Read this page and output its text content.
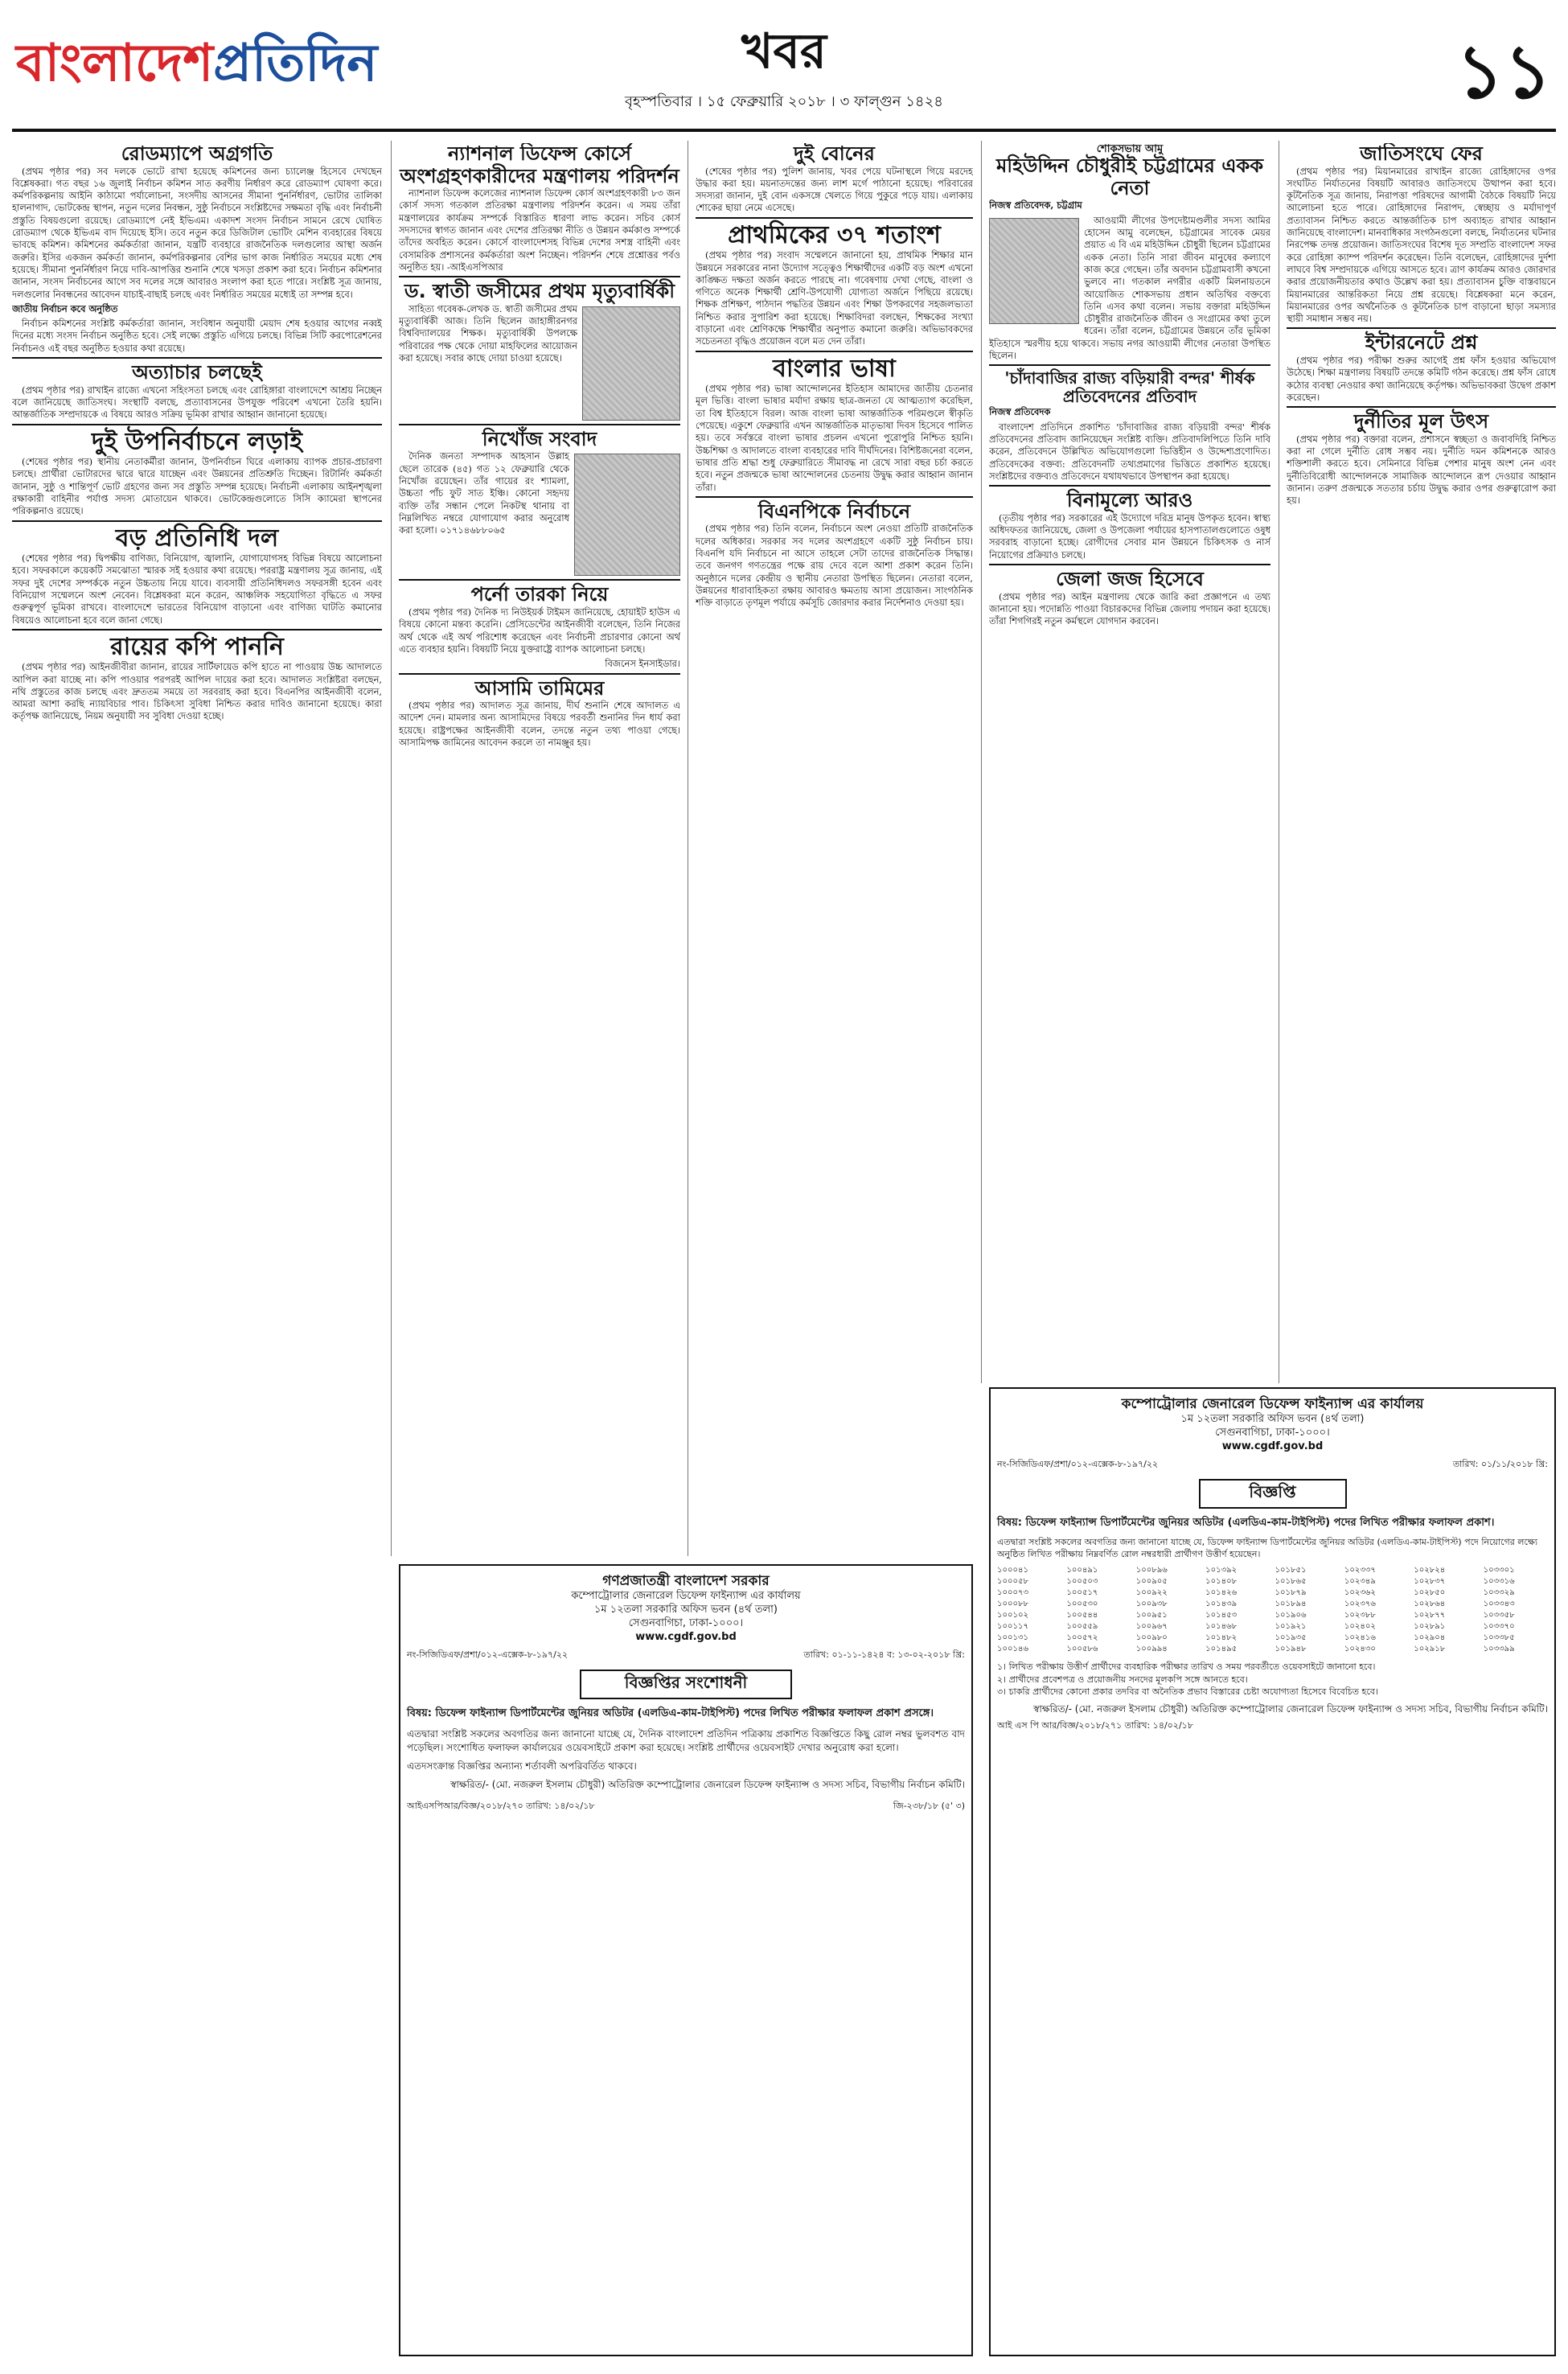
বাংলাদেশপ্রতিদিন	খবর
বৃহস্পতিবার । ১৫ ফেব্রুয়ারি ২০১৮ । ৩ ফাল্গুন ১৪২৪	১১
রোডম্যাপে অগ্রগতি

(প্রথম পৃষ্ঠার পর) সব দলকে ভোটে রাখা হয়েছে কমিশনের জন্য চ্যালেঞ্জ হিসেবে দেখছেন বিশ্লেষকরা। গত বছর ১৬ জুলাই নির্বাচন কমিশন সাত করণীয় নির্ধারণ করে রোডম্যাপ ঘোষণা করে। কর্মপরিকল্পনায় আইনি কাঠামো পর্যালোচনা, সংসদীয় আসনের সীমানা পুনর্নির্ধারণ, ভোটার তালিকা হালনাগাদ, ভোটকেন্দ্র স্থাপন, নতুন দলের নিবন্ধন, সুষ্ঠু নির্বাচনে সংশ্লিষ্টদের সক্ষমতা বৃদ্ধি এবং নির্বাচনী প্রস্তুতি বিষয়গুলো রয়েছে। রোডম্যাপে নেই ইভিএম। একাদশ সংসদ নির্বাচন সামনে রেখে ঘোষিত রোডম্যাপ থেকে ইভিএম বাদ দিয়েছে ইসি। তবে নতুন করে ডিজিটাল ভোটিং মেশিন ব্যবহারের বিষয়ে ভাবছে কমিশন। কমিশনের কর্মকর্তারা জানান, যন্ত্রটি ব্যবহারে রাজনৈতিক দলগুলোর আস্থা অর্জন জরুরি। ইসির একজন কর্মকর্তা জানান, কর্মপরিকল্পনার বেশির ভাগ কাজ নির্ধারিত সময়ের মধ্যে শেষ হয়েছে। সীমানা পুনর্নির্ধারণ নিয়ে দাবি-আপত্তির শুনানি শেষে খসড়া প্রকাশ করা হবে। নির্বাচন কমিশনার জানান, সংসদ নির্বাচনের আগে সব দলের সঙ্গে আবারও সংলাপ করা হতে পারে। সংশ্লিষ্ট সূত্র জানায়, দলগুলোর নিবন্ধনের আবেদন যাচাই-বাছাই চলছে এবং নির্ধারিত সময়ের মধ্যেই তা সম্পন্ন হবে।

জাতীয় নির্বাচন কবে অনুষ্ঠিত

নির্বাচন কমিশনের সংশ্লিষ্ট কর্মকর্তারা জানান, সংবিধান অনুযায়ী মেয়াদ শেষ হওয়ার আগের নব্বই দিনের মধ্যে সংসদ নির্বাচন অনুষ্ঠিত হবে। সেই লক্ষ্যে প্রস্তুতি এগিয়ে চলছে। বিভিন্ন সিটি করপোরেশনের নির্বাচনও এই বছর অনুষ্ঠিত হওয়ার কথা রয়েছে।

অত্যাচার চলছেই

(প্রথম পৃষ্ঠার পর) রাখাইন রাজ্যে এখনো সহিংসতা চলছে এবং রোহিঙ্গারা বাংলাদেশে আশ্রয় নিচ্ছেন বলে জানিয়েছে জাতিসংঘ। সংস্থাটি বলছে, প্রত্যাবাসনের উপযুক্ত পরিবেশ এখনো তৈরি হয়নি। আন্তর্জাতিক সম্প্রদায়কে এ বিষয়ে আরও সক্রিয় ভূমিকা রাখার আহ্বান জানানো হয়েছে।

দুই উপনির্বাচনে লড়াই

(শেষের পৃষ্ঠার পর) স্থানীয় নেতাকর্মীরা জানান, উপনির্বাচন ঘিরে এলাকায় ব্যাপক প্রচার-প্রচারণা চলছে। প্রার্থীরা ভোটারদের দ্বারে দ্বারে যাচ্ছেন এবং উন্নয়নের প্রতিশ্রুতি দিচ্ছেন। রিটার্নিং কর্মকর্তা জানান, সুষ্ঠু ও শান্তিপূর্ণ ভোট গ্রহণের জন্য সব প্রস্তুতি সম্পন্ন হয়েছে। নির্বাচনী এলাকায় আইনশৃঙ্খলা রক্ষাকারী বাহিনীর পর্যাপ্ত সদস্য মোতায়েন থাকবে। ভোটকেন্দ্রগুলোতে সিসি ক্যামেরা স্থাপনের পরিকল্পনাও রয়েছে।

বড় প্রতিনিধি দল

(শেষের পৃষ্ঠার পর) দ্বিপক্ষীয় বাণিজ্য, বিনিয়োগ, জ্বালানি, যোগাযোগসহ বিভিন্ন বিষয়ে আলোচনা হবে। সফরকালে কয়েকটি সমঝোতা স্মারক সই হওয়ার কথা রয়েছে। পররাষ্ট্র মন্ত্রণালয় সূত্র জানায়, এই সফর দুই দেশের সম্পর্ককে নতুন উচ্চতায় নিয়ে যাবে। ব্যবসায়ী প্রতিনিধিদলও সফরসঙ্গী হবেন এবং বিনিয়োগ সম্মেলনে অংশ নেবেন। বিশ্লেষকরা মনে করেন, আঞ্চলিক সহযোগিতা বৃদ্ধিতে এ সফর গুরুত্বপূর্ণ ভূমিকা রাখবে। বাংলাদেশে ভারতের বিনিয়োগ বাড়ানো এবং বাণিজ্য ঘাটতি কমানোর বিষয়েও আলোচনা হবে বলে জানা গেছে।

রায়ের কপি পাননি

(প্রথম পৃষ্ঠার পর) আইনজীবীরা জানান, রায়ের সার্টিফায়েড কপি হাতে না পাওয়ায় উচ্চ আদালতে আপিল করা যাচ্ছে না। কপি পাওয়ার পরপরই আপিল দায়ের করা হবে। আদালত সংশ্লিষ্টরা বলছেন, নথি প্রস্তুতের কাজ চলছে এবং দ্রুততম সময়ে তা সরবরাহ করা হবে। বিএনপির আইনজীবী বলেন, আমরা আশা করছি ন্যায়বিচার পাব। চিকিৎসা সুবিধা নিশ্চিত করার দাবিও জানানো হয়েছে। কারা কর্তৃপক্ষ জানিয়েছে, নিয়ম অনুযায়ী সব সুবিধা দেওয়া হচ্ছে।

ন্যাশনাল ডিফেন্স কোর্সে অংশগ্রহণকারীদের মন্ত্রণালয় পরিদর্শন

ন্যাশনাল ডিফেন্স কলেজের ন্যাশনাল ডিফেন্স কোর্স অংশগ্রহণকারী ৮৩ জন কোর্স সদস্য গতকাল প্রতিরক্ষা মন্ত্রণালয় পরিদর্শন করেন। এ সময় তাঁরা মন্ত্রণালয়ের কার্যক্রম সম্পর্কে বিস্তারিত ধারণা লাভ করেন। সচিব কোর্স সদস্যদের স্বাগত জানান এবং দেশের প্রতিরক্ষা নীতি ও উন্নয়ন কর্মকাণ্ড সম্পর্কে তাঁদের অবহিত করেন। কোর্সে বাংলাদেশসহ বিভিন্ন দেশের সশস্ত্র বাহিনী এবং বেসামরিক প্রশাসনের কর্মকর্তারা অংশ নিচ্ছেন। পরিদর্শন শেষে প্রশ্নোত্তর পর্বও অনুষ্ঠিত হয়। -আইএসপিআর

ড. স্বাতী জসীমের প্রথম মৃত্যুবার্ষিকী

সাহিত্য গবেষক-লেখক ড. স্বাতী জসীমের প্রথম মৃত্যুবার্ষিকী আজ। তিনি ছিলেন জাহাঙ্গীরনগর বিশ্ববিদ্যালয়ের শিক্ষক। মৃত্যুবার্ষিকী উপলক্ষে পরিবারের পক্ষ থেকে দোয়া মাহফিলের আয়োজন করা হয়েছে। সবার কাছে দোয়া চাওয়া হয়েছে।

নিখোঁজ সংবাদ

দৈনিক জনতা সম্পাদক আহসান উল্লাহ ছেলে তারেক (৪৫) গত ১২ ফেব্রুয়ারি থেকে নিখোঁজ রয়েছেন। তাঁর গায়ের রং শ্যামলা, উচ্চতা পাঁচ ফুট সাত ইঞ্চি। কোনো সহৃদয় ব্যক্তি তাঁর সন্ধান পেলে নিকটস্থ থানায় বা নিম্নলিখিত নম্বরে যোগাযোগ করার অনুরোধ করা হলো। ০১৭১৪৬৮৮০৬৫

পর্নো তারকা নিয়ে

(প্রথম পৃষ্ঠার পর) দৈনিক দ্য নিউইয়র্ক টাইমস জানিয়েছে, হোয়াইট হাউস এ বিষয়ে কোনো মন্তব্য করেনি। প্রেসিডেন্টের আইনজীবী বলেছেন, তিনি নিজের অর্থ থেকে এই অর্থ পরিশোধ করেছেন এবং নির্বাচনী প্রচারণার কোনো অর্থ এতে ব্যবহার হয়নি। বিষয়টি নিয়ে যুক্তরাষ্ট্রে ব্যাপক আলোচনা চলছে।

বিজনেস ইনসাইডার।

আসামি তামিমের

(প্রথম পৃষ্ঠার পর) আদালত সূত্র জানায়, দীর্ঘ শুনানি শেষে আদালত এ আদেশ দেন। মামলার অন্য আসামিদের বিষয়ে পরবর্তী শুনানির দিন ধার্য করা হয়েছে। রাষ্ট্রপক্ষের আইনজীবী বলেন, তদন্তে নতুন তথ্য পাওয়া গেছে। আসামিপক্ষ জামিনের আবেদন করলে তা নামঞ্জুর হয়।

দুই বোনের

(শেষের পৃষ্ঠার পর) পুলিশ জানায়, খবর পেয়ে ঘটনাস্থলে গিয়ে মরদেহ উদ্ধার করা হয়। ময়নাতদন্তের জন্য লাশ মর্গে পাঠানো হয়েছে। পরিবারের সদস্যরা জানান, দুই বোন একসঙ্গে খেলতে গিয়ে পুকুরে পড়ে যায়। এলাকায় শোকের ছায়া নেমে এসেছে।

প্রাথমিকের ৩৭ শতাংশ

(প্রথম পৃষ্ঠার পর) সংবাদ সম্মেলনে জানানো হয়, প্রাথমিক শিক্ষার মান উন্নয়নে সরকারের নানা উদ্যোগ সত্ত্বেও শিক্ষার্থীদের একটি বড় অংশ এখনো কাঙ্ক্ষিত দক্ষতা অর্জন করতে পারছে না। গবেষণায় দেখা গেছে, বাংলা ও গণিতে অনেক শিক্ষার্থী শ্রেণি-উপযোগী যোগ্যতা অর্জনে পিছিয়ে রয়েছে। শিক্ষক প্রশিক্ষণ, পাঠদান পদ্ধতির উন্নয়ন এবং শিক্ষা উপকরণের সহজলভ্যতা নিশ্চিত করার সুপারিশ করা হয়েছে। শিক্ষাবিদরা বলছেন, শিক্ষকের সংখ্যা বাড়ানো এবং শ্রেণিকক্ষে শিক্ষার্থীর অনুপাত কমানো জরুরি। অভিভাবকদের সচেতনতা বৃদ্ধিও প্রয়োজন বলে মত দেন তাঁরা।

বাংলার ভাষা

(প্রথম পৃষ্ঠার পর) ভাষা আন্দোলনের ইতিহাস আমাদের জাতীয় চেতনার মূল ভিত্তি। বাংলা ভাষার মর্যাদা রক্ষায় ছাত্র-জনতা যে আত্মত্যাগ করেছিল, তা বিশ্ব ইতিহাসে বিরল। আজ বাংলা ভাষা আন্তর্জাতিক পরিমণ্ডলে স্বীকৃতি পেয়েছে। একুশে ফেব্রুয়ারি এখন আন্তর্জাতিক মাতৃভাষা দিবস হিসেবে পালিত হয়। তবে সর্বস্তরে বাংলা ভাষার প্রচলন এখনো পুরোপুরি নিশ্চিত হয়নি। উচ্চশিক্ষা ও আদালতে বাংলা ব্যবহারের দাবি দীর্ঘদিনের। বিশিষ্টজনেরা বলেন, ভাষার প্রতি শ্রদ্ধা শুধু ফেব্রুয়ারিতে সীমাবদ্ধ না রেখে সারা বছর চর্চা করতে হবে। নতুন প্রজন্মকে ভাষা আন্দোলনের চেতনায় উদ্বুদ্ধ করার আহ্বান জানান তাঁরা।

বিএনপিকে নির্বাচনে

(প্রথম পৃষ্ঠার পর) তিনি বলেন, নির্বাচনে অংশ নেওয়া প্রতিটি রাজনৈতিক দলের অধিকার। সরকার সব দলের অংশগ্রহণে একটি সুষ্ঠু নির্বাচন চায়। বিএনপি যদি নির্বাচনে না আসে তাহলে সেটা তাদের রাজনৈতিক সিদ্ধান্ত। তবে জনগণ গণতন্ত্রের পক্ষে রায় দেবে বলে আশা প্রকাশ করেন তিনি। অনুষ্ঠানে দলের কেন্দ্রীয় ও স্থানীয় নেতারা উপস্থিত ছিলেন। নেতারা বলেন, উন্নয়নের ধারাবাহিকতা রক্ষায় আবারও ক্ষমতায় আসা প্রয়োজন। সাংগঠনিক শক্তি বাড়াতে তৃণমূল পর্যায়ে কর্মসূচি জোরদার করার নির্দেশনাও দেওয়া হয়।

শোকসভায় আমু
মহিউদ্দিন চৌধুরীই চট্টগ্রামের একক নেতা

নিজস্ব প্রতিবেদক, চট্টগ্রাম

আওয়ামী লীগের উপদেষ্টামণ্ডলীর সদস্য আমির হোসেন আমু বলেছেন, চট্টগ্রামের সাবেক মেয়র প্রয়াত এ বি এম মহিউদ্দিন চৌধুরী ছিলেন চট্টগ্রামের একক নেতা। তিনি সারা জীবন মানুষের কল্যাণে কাজ করে গেছেন। তাঁর অবদান চট্টগ্রামবাসী কখনো ভুলবে না। গতকাল নগরীর একটি মিলনায়তনে আয়োজিত শোকসভায় প্রধান অতিথির বক্তব্যে তিনি এসব কথা বলেন। সভায় বক্তারা মহিউদ্দিন চৌধুরীর রাজনৈতিক জীবন ও সংগ্রামের কথা তুলে ধরেন। তাঁরা বলেন, চট্টগ্রামের উন্নয়নে তাঁর ভূমিকা ইতিহাসে স্মরণীয় হয়ে থাকবে। সভায় নগর আওয়ামী লীগের নেতারা উপস্থিত ছিলেন।

'চাঁদাবাজির রাজ্য বড়িয়ারী বন্দর' শীর্ষক প্রতিবেদনের প্রতিবাদ

নিজস্ব প্রতিবেদক

বাংলাদেশ প্রতিদিনে প্রকাশিত 'চাঁদাবাজির রাজ্য বড়িয়ারী বন্দর' শীর্ষক প্রতিবেদনের প্রতিবাদ জানিয়েছেন সংশ্লিষ্ট ব্যক্তি। প্রতিবাদলিপিতে তিনি দাবি করেন, প্রতিবেদনে উল্লিখিত অভিযোগগুলো ভিত্তিহীন ও উদ্দেশ্যপ্রণোদিত। প্রতিবেদকের বক্তব্য: প্রতিবেদনটি তথ্যপ্রমাণের ভিত্তিতে প্রকাশিত হয়েছে। সংশ্লিষ্টদের বক্তব্যও প্রতিবেদনে যথাযথভাবে উপস্থাপন করা হয়েছে।

বিনামূল্যে আরও

(তৃতীয় পৃষ্ঠার পর) সরকারের এই উদ্যোগে দরিদ্র মানুষ উপকৃত হবেন। স্বাস্থ্য অধিদফতর জানিয়েছে, জেলা ও উপজেলা পর্যায়ের হাসপাতালগুলোতে ওষুধ সরবরাহ বাড়ানো হচ্ছে। রোগীদের সেবার মান উন্নয়নে চিকিৎসক ও নার্স নিয়োগের প্রক্রিয়াও চলছে।

জেলা জজ হিসেবে

(প্রথম পৃষ্ঠার পর) আইন মন্ত্রণালয় থেকে জারি করা প্রজ্ঞাপনে এ তথ্য জানানো হয়। পদোন্নতি পাওয়া বিচারকদের বিভিন্ন জেলায় পদায়ন করা হয়েছে। তাঁরা শিগগিরই নতুন কর্মস্থলে যোগদান করবেন।

জাতিসংঘে ফের

(প্রথম পৃষ্ঠার পর) মিয়ানমারের রাখাইন রাজ্যে রোহিঙ্গাদের ওপর সংঘটিত নির্যাতনের বিষয়টি আবারও জাতিসংঘে উত্থাপন করা হবে। কূটনৈতিক সূত্র জানায়, নিরাপত্তা পরিষদের আগামী বৈঠকে বিষয়টি নিয়ে আলোচনা হতে পারে। রোহিঙ্গাদের নিরাপদ, স্বেচ্ছায় ও মর্যাদাপূর্ণ প্রত্যাবাসন নিশ্চিত করতে আন্তর্জাতিক চাপ অব্যাহত রাখার আহ্বান জানিয়েছে বাংলাদেশ। মানবাধিকার সংগঠনগুলো বলছে, নির্যাতনের ঘটনার নিরপেক্ষ তদন্ত প্রয়োজন। জাতিসংঘের বিশেষ দূত সম্প্রতি বাংলাদেশ সফর করে রোহিঙ্গা ক্যাম্প পরিদর্শন করেছেন। তিনি বলেছেন, রোহিঙ্গাদের দুর্দশা লাঘবে বিশ্ব সম্প্রদায়কে এগিয়ে আসতে হবে। ত্রাণ কার্যক্রম আরও জোরদার করার প্রয়োজনীয়তার কথাও উল্লেখ করা হয়। প্রত্যাবাসন চুক্তি বাস্তবায়নে মিয়ানমারের আন্তরিকতা নিয়ে প্রশ্ন রয়েছে। বিশ্লেষকরা মনে করেন, মিয়ানমারের ওপর অর্থনৈতিক ও কূটনৈতিক চাপ বাড়ানো ছাড়া সমস্যার স্থায়ী সমাধান সম্ভব নয়।

ইন্টারনেটে প্রশ্ন

(প্রথম পৃষ্ঠার পর) পরীক্ষা শুরুর আগেই প্রশ্ন ফাঁস হওয়ার অভিযোগ উঠেছে। শিক্ষা মন্ত্রণালয় বিষয়টি তদন্তে কমিটি গঠন করেছে। প্রশ্ন ফাঁস রোধে কঠোর ব্যবস্থা নেওয়ার কথা জানিয়েছে কর্তৃপক্ষ। অভিভাবকরা উদ্বেগ প্রকাশ করেছেন।

দুর্নীতির মূল উৎস

(প্রথম পৃষ্ঠার পর) বক্তারা বলেন, প্রশাসনে স্বচ্ছতা ও জবাবদিহি নিশ্চিত করা না গেলে দুর্নীতি রোধ সম্ভব নয়। দুর্নীতি দমন কমিশনকে আরও শক্তিশালী করতে হবে। সেমিনারে বিভিন্ন পেশার মানুষ অংশ নেন এবং দুর্নীতিবিরোধী আন্দোলনকে সামাজিক আন্দোলনে রূপ দেওয়ার আহ্বান জানান। তরুণ প্রজন্মকে সততার চর্চায় উদ্বুদ্ধ করার ওপর গুরুত্বারোপ করা হয়।

কম্পোট্রোলার জেনারেল ডিফেন্স ফাইন্যান্স এর কার্যালয়
১ম ১২তলা সরকারি অফিস ভবন (৪র্থ তলা)
সেগুনবাগিচা, ঢাকা-১০০০।
www.cgdf.gov.bd
নং-সিজিডিএফ/প্রশা/০১২-এক্সেক-৮-১৯৭/২২	তারিখ: ০১/১১/২০১৮ খ্রি:
বিজ্ঞপ্তি
বিষয়: ডিফেন্স ফাইন্যান্স ডিপার্টমেন্টের জুনিয়র অডিটর (এলডিএ-কাম-টাইপিস্ট) পদের লিখিত পরীক্ষার ফলাফল প্রকাশ।
এতদ্বারা সংশ্লিষ্ট সকলের অবগতির জন্য জানানো যাচ্ছে যে, ডিফেন্স ফাইন্যান্স ডিপার্টমেন্টের জুনিয়র অডিটর (এলডিএ-কাম-টাইপিস্ট) পদে নিয়োগের লক্ষ্যে অনুষ্ঠিত লিখিত পরীক্ষায় নিম্নবর্ণিত রোল নম্বরধারী প্রার্থীগণ উত্তীর্ণ হয়েছেন।
১০০০৪১	১০০৪৯১	১০০৮৯৬	১০১৩৯২	১০১৮৫১	১০২৩৩৭	১০২৮২৪	১০৩৩০১
১০০০৫৮	১০০৫০৩	১০০৯০৫	১০১৪০৮	১০১৮৬৫	১০২৩৪৯	১০২৮৩৭	১০৩৩১৬
১০০০৭৩	১০০৫১৭	১০০৯২২	১০১৪২৬	১০১৮৭৯	১০২৩৬২	১০২৮৫০	১০৩৩২৯
১০০০৮৮	১০০৫৩০	১০০৯৩৮	১০১৪৩৯	১০১৮৯৪	১০২৩৭৬	১০২৮৬৪	১০৩৩৪৩
১০০১০২	১০০৫৪৪	১০০৯৫১	১০১৪৫৩	১০১৯০৬	১০২৩৮৮	১০২৮৭৭	১০৩৩৫৮
১০০১১৭	১০০৫৫৯	১০০৯৬৭	১০১৪৬৮	১০১৯২১	১০২৪০২	১০২৮৯১	১০৩৩৭০
১০০১৩১	১০০৫৭২	১০০৯৮০	১০১৪৮২	১০১৯৩৫	১০২৪১৬	১০২৯০৪	১০৩৩৮৫
১০০১৪৬	১০০৫৮৬	১০০৯৯৪	১০১৪৯৫	১০১৯৪৮	১০২৪৩০	১০২৯১৮	১০৩৩৯৯
১। লিখিত পরীক্ষায় উত্তীর্ণ প্রার্থীদের ব্যবহারিক পরীক্ষার তারিখ ও সময় পরবর্তীতে ওয়েবসাইটে জানানো হবে।
২। প্রার্থীদের প্রবেশপত্র ও প্রয়োজনীয় সনদের মূলকপি সঙ্গে আনতে হবে।
৩। চাকরি প্রার্থীদের কোনো প্রকার তদবির বা অনৈতিক প্রভাব বিস্তারের চেষ্টা অযোগ্যতা হিসেবে বিবেচিত হবে।
স্বাক্ষরিত/- (মো. নজরুল ইসলাম চৌধুরী) অতিরিক্ত কম্পোট্রোলার জেনারেল ডিফেন্স ফাইন্যান্স ও সদস্য সচিব, বিভাগীয় নির্বাচন কমিটি।
আই এস পি আর/বিজ্ঞ/২০১৮/২৭১ তারিখ: ১৪/০২/১৮
গণপ্রজাতন্ত্রী বাংলাদেশ সরকার
কম্পোট্রোলার জেনারেল ডিফেন্স ফাইন্যান্স এর কার্যালয়
১ম ১২তলা সরকারি অফিস ভবন (৪র্থ তলা)
সেগুনবাগিচা, ঢাকা-১০০০।
www.cgdf.gov.bd
নং-সিজিডিএফ/প্রশা/০১২-এক্সেক-৮-১৯৭/২২	তারিখ: ০১-১১-১৪২৪ ব: ১৩-০২-২০১৮ খ্রি:
বিজ্ঞপ্তির সংশোধনী
বিষয়: ডিফেন্স ফাইন্যান্স ডিপার্টমেন্টের জুনিয়র অডিটর (এলডিএ-কাম-টাইপিস্ট) পদের লিখিত পরীক্ষার ফলাফল প্রকাশ প্রসঙ্গে।
এতদ্বারা সংশ্লিষ্ট সকলের অবগতির জন্য জানানো যাচ্ছে যে, দৈনিক বাংলাদেশ প্রতিদিন পত্রিকায় প্রকাশিত বিজ্ঞপ্তিতে কিছু রোল নম্বর ভুলবশত বাদ পড়েছিল। সংশোধিত ফলাফল কার্যালয়ের ওয়েবসাইটে প্রকাশ করা হয়েছে। সংশ্লিষ্ট প্রার্থীদের ওয়েবসাইট দেখার অনুরোধ করা হলো।
এতদসংক্রান্ত বিজ্ঞপ্তির অন্যান্য শর্তাবলী অপরিবর্তিত থাকবে।
স্বাক্ষরিত/- (মো. নজরুল ইসলাম চৌধুরী) অতিরিক্ত কম্পোট্রোলার জেনারেল ডিফেন্স ফাইন্যান্স ও সদস্য সচিব, বিভাগীয় নির্বাচন কমিটি।
আইএসপিআর/বিজ্ঞ/২০১৮/২৭০ তারিখ: ১৪/০২/১৮	জি-২৩৮/১৮ (৫' ৩)
